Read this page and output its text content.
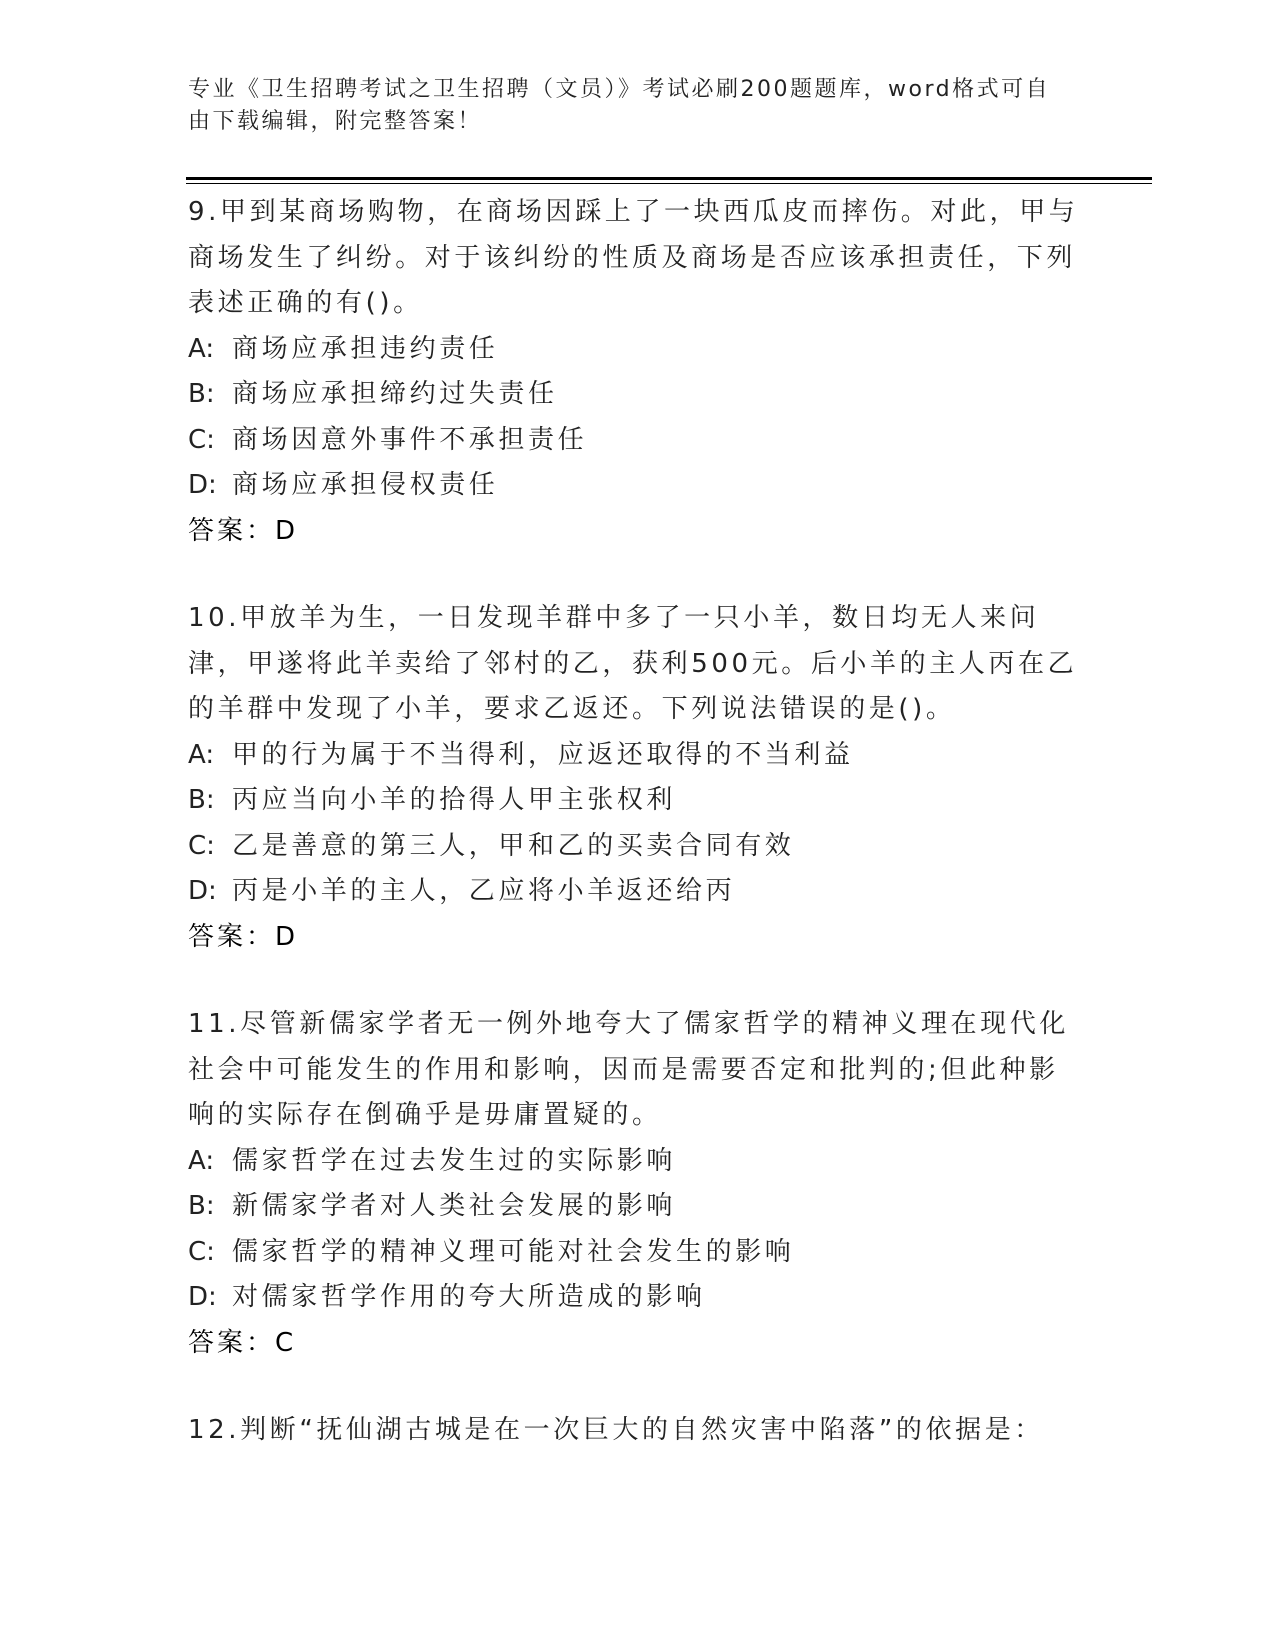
专业《卫生招聘考试之卫生招聘（文员）》考试必刷200题题库，word格式可自由下载编辑，附完整答案！

9.甲到某商场购物，在商场因踩上了一块西瓜皮而摔伤。对此，甲与商场发生了纠纷。对于该纠纷的性质及商场是否应该承担责任，下列表述正确的有()。

A: 商场应承担违约责任
B: 商场应承担缔约过失责任
C: 商场因意外事件不承担责任
D: 商场应承担侵权责任
答案：D

10.甲放羊为生，一日发现羊群中多了一只小羊，数日均无人来问津，甲遂将此羊卖给了邻村的乙，获利500元。后小羊的主人丙在乙的羊群中发现了小羊，要求乙返还。下列说法错误的是()。

A: 甲的行为属于不当得利，应返还取得的不当利益
B: 丙应当向小羊的拾得人甲主张权利
C: 乙是善意的第三人，甲和乙的买卖合同有效
D: 丙是小羊的主人，乙应将小羊返还给丙
答案：D

11.尽管新儒家学者无一例外地夸大了儒家哲学的精神义理在现代化社会中可能发生的作用和影响，因而是需要否定和批判的;但此种影响的实际存在倒确乎是毋庸置疑的。

A: 儒家哲学在过去发生过的实际影响
B: 新儒家学者对人类社会发展的影响
C: 儒家哲学的精神义理可能对社会发生的影响
D: 对儒家哲学作用的夸大所造成的影响
答案：C

12.判断“抚仙湖古城是在一次巨大的自然灾害中陷落”的依据是：
